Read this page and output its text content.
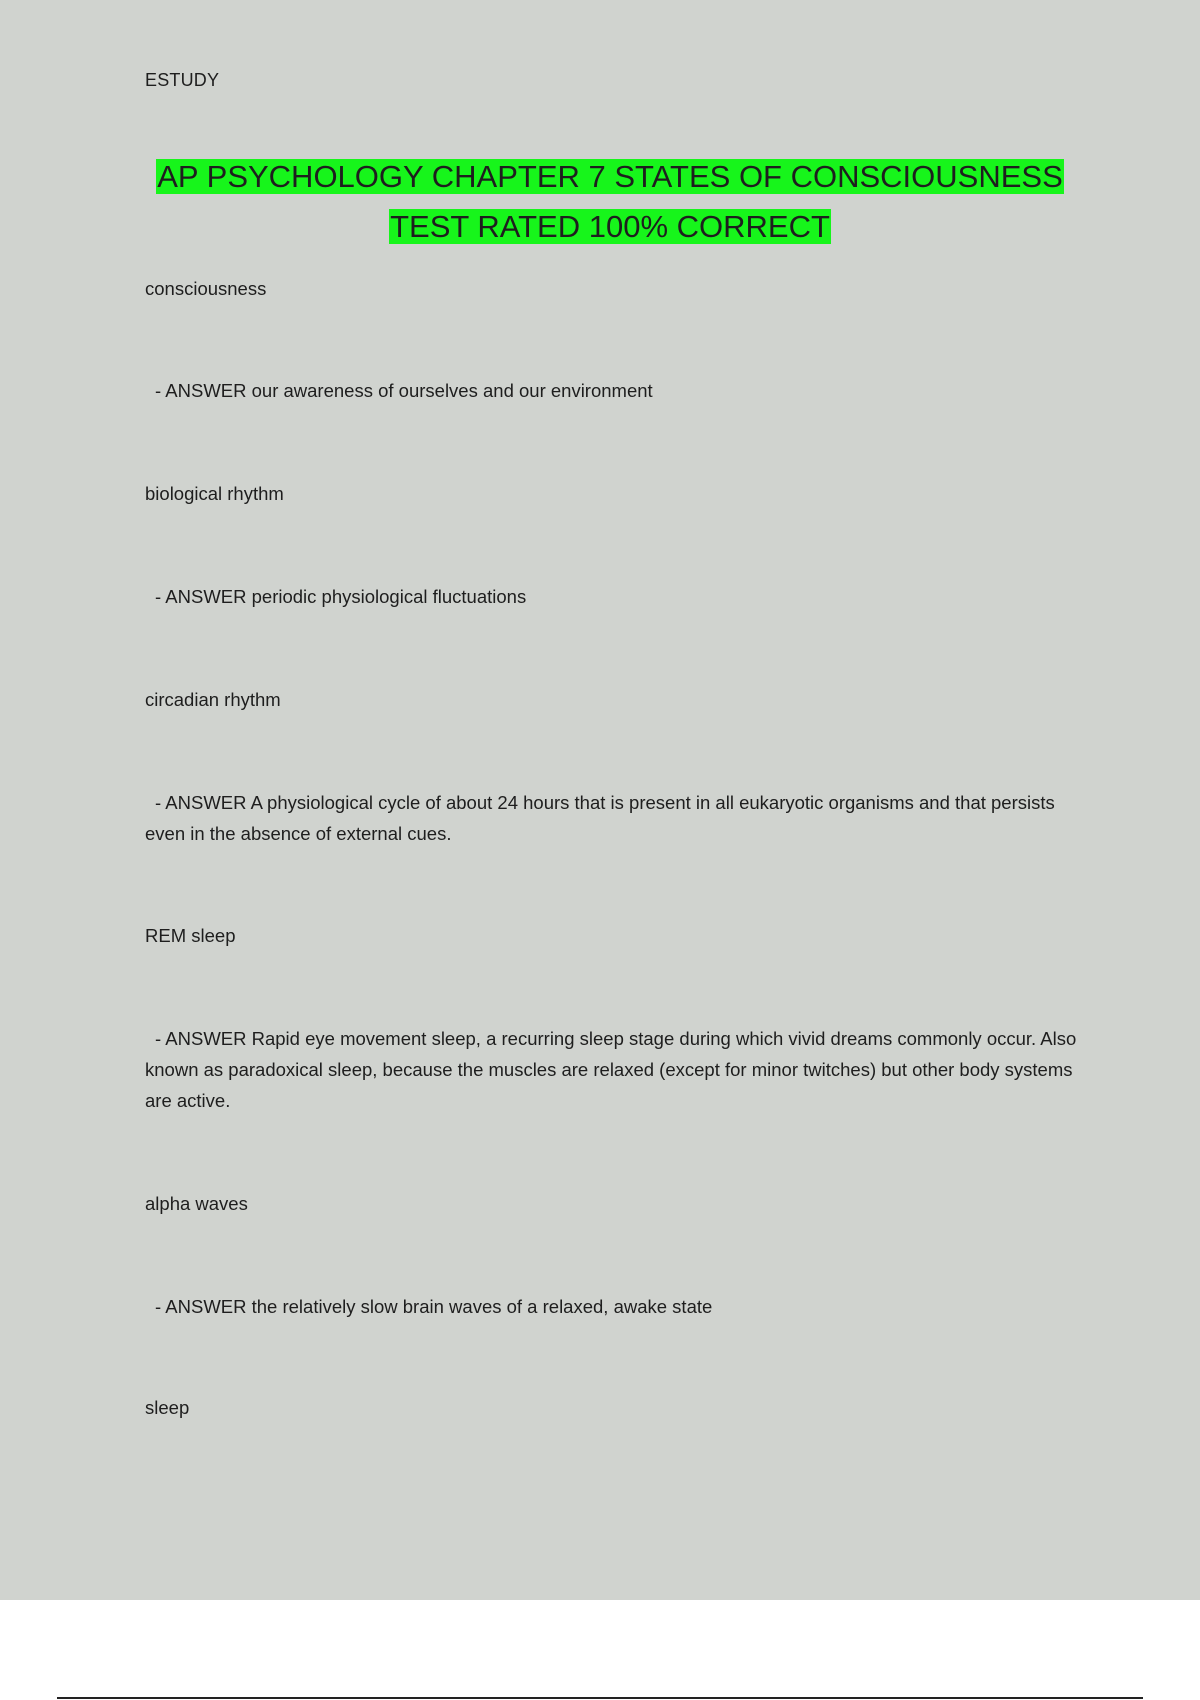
ESTUDY
AP PSYCHOLOGY CHAPTER 7 STATES OF CONSCIOUSNESS TEST RATED 100% CORRECT
consciousness
- ANSWER our awareness of ourselves and our environment
biological rhythm
- ANSWER periodic physiological fluctuations
circadian rhythm
- ANSWER A physiological cycle of about 24 hours that is present in all eukaryotic organisms and that persists even in the absence of external cues.
REM sleep
- ANSWER Rapid eye movement sleep, a recurring sleep stage during which vivid dreams commonly occur. Also known as paradoxical sleep, because the muscles are relaxed (except for minor twitches) but other body systems are active.
alpha waves
- ANSWER the relatively slow brain waves of a relaxed, awake state
sleep
